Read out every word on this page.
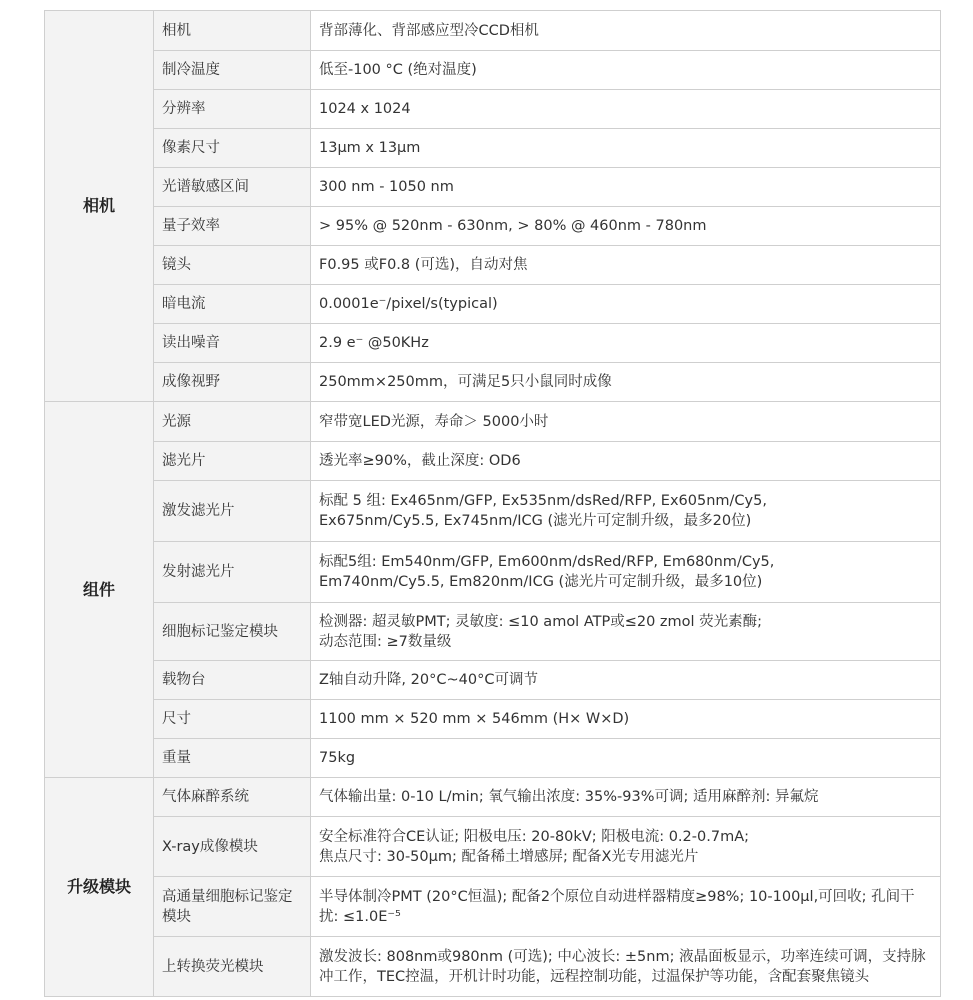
相机	相机	背部薄化、背部感应型冷CCD相机
	制冷温度	低至-100 °C (绝对温度)
	分辨率	1024 x 1024
	像素尺寸	13μm x 13μm
	光谱敏感区间	300 nm - 1050 nm
	量子效率	> 95% @ 520nm - 630nm, > 80% @ 460nm - 780nm
	镜头	F0.95 或F0.8 (可选)，自动对焦
	暗电流	0.0001e⁻/pixel/s(typical)
	读出噪音	2.9 e⁻ @50KHz
	成像视野	250mm×250mm，可满足5只小鼠同时成像
组件	光源	窄带宽LED光源，寿命＞ 5000小时
	滤光片	透光率≥90%，截止深度: OD6
	激发滤光片	标配 5 组: Ex465nm/GFP, Ex535nm/dsRed/RFP, Ex605nm/Cy5,
Ex675nm/Cy5.5, Ex745nm/ICG (滤光片可定制升级，最多20位)
	发射滤光片	标配5组: Em540nm/GFP, Em600nm/dsRed/RFP, Em680nm/Cy5,
Em740nm/Cy5.5, Em820nm/ICG (滤光片可定制升级，最多10位)
	细胞标记鉴定模块	检测器: 超灵敏PMT; 灵敏度: ≤10 amol ATP或≤20 zmol 荧光素酶;
动态范围: ≥7数量级
	载物台	Z轴自动升降, 20°C~40°C可调节
	尺寸	1100 mm × 520 mm × 546mm (H× W×D)
	重量	75kg
升级模块	气体麻醉系统	气体输出量: 0-10 L/min; 氧气输出浓度: 35%-93%可调; 适用麻醉剂: 异氟烷
	X-ray成像模块	安全标准符合CE认证; 阳极电压: 20-80kV; 阳极电流: 0.2-0.7mA;
焦点尺寸: 30-50μm; 配备稀土增感屏; 配备X光专用滤光片
	高通量细胞标记鉴定模块	半导体制冷PMT (20°C恒温); 配备2个原位自动进样器精度≥98%; 10-100μl,可回收; 孔间干扰: ≤1.0E⁻⁵
	上转换荧光模块	激发波长: 808nm或980nm (可选); 中心波长: ±5nm; 液晶面板显示，功率连续可调，支持脉冲工作，TEC控温，开机计时功能，远程控制功能，过温保护等功能，含配套聚焦镜头
